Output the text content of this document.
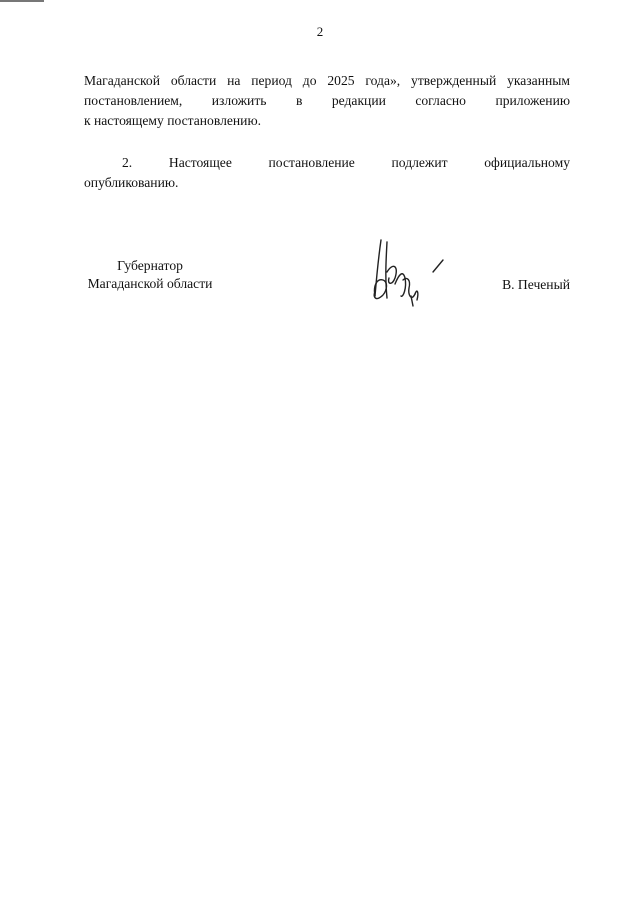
2
Магаданской области на период до 2025 года», утвержденный указанным
постановлением, изложить в редакции согласно приложению
к настоящему постановлению.
2. Настоящее постановление подлежит официальному
опубликованию.
Губернатор
Магаданской области	В. Печеный
